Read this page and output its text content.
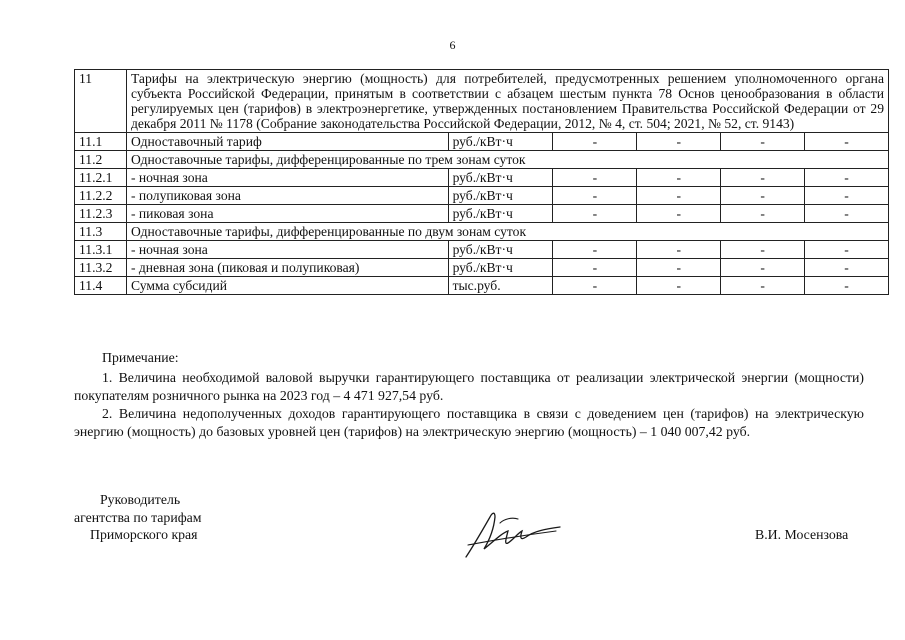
6
11	Тарифы на электрическую энергию (мощность) для потребителей, предусмотренных решением уполномоченного органа субъекта Российской Федерации, принятым в соответствии с абзацем шестым пункта 78 Основ ценообразования в области регулируемых цен (тарифов) в электроэнергетике, утвержденных постановлением Правительства Российской Федерации от 29 декабря 2011 № 1178 (Собрание законодательства Российской Федерации, 2012, № 4, ст. 504; 2021, № 52, ст. 9143)					
11.1	Одноставочный тариф	руб./кВт·ч	-	-	-	-
11.2	Одноставочные тарифы, дифференцированные по трем зонам суток					
11.2.1	- ночная зона	руб./кВт·ч	-	-	-	-
11.2.2	- полупиковая зона	руб./кВт·ч	-	-	-	-
11.2.3	- пиковая зона	руб./кВт·ч	-	-	-	-
11.3	Одноставочные тарифы, дифференцированные по двум зонам суток					
11.3.1	- ночная зона	руб./кВт·ч	-	-	-	-
11.3.2	- дневная зона (пиковая и полупиковая)	руб./кВт·ч	-	-	-	-
11.4	Сумма субсидий	тыс.руб.	-	-	-	-

Примечание:

1. Величина необходимой валовой выручки гарантирующего поставщика от реализации электрической энергии (мощности) покупателям розничного рынка на 2023 год – 4 471 927,54 руб.

2. Величина недополученных доходов гарантирующего поставщика в связи с доведением цен (тарифов) на электрическую энергию (мощность) до базовых уровней цен (тарифов) на электрическую энергию (мощность) – 1 040 007,42 руб.

Руководитель
агентства по тарифам
Приморского края	В.И. Мосензова
